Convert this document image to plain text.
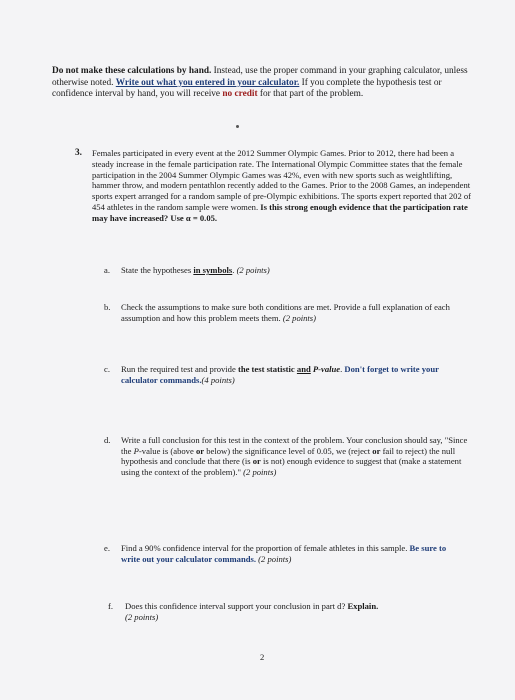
Do not make these calculations by hand. Instead, use the proper command in your graphing calculator, unless otherwise noted. Write out what you entered in your calculator. If you complete the hypothesis test or confidence interval by hand, you will receive no credit for that part of the problem.
3. Females participated in every event at the 2012 Summer Olympic Games. Prior to 2012, there had been a steady increase in the female participation rate. The International Olympic Committee states that the female participation in the 2004 Summer Olympic Games was 42%, even with new sports such as weightlifting, hammer throw, and modern pentathlon recently added to the Games. Prior to the 2008 Games, an independent sports expert arranged for a random sample of pre-Olympic exhibitions. The sports expert reported that 202 of 454 athletes in the random sample were women. Is this strong enough evidence that the participation rate may have increased? Use α = 0.05.
a. State the hypotheses in symbols. (2 points)
b. Check the assumptions to make sure both conditions are met. Provide a full explanation of each assumption and how this problem meets them. (2 points)
c. Run the required test and provide the test statistic and P-value. Don't forget to write your calculator commands.(4 points)
d. Write a full conclusion for this test in the context of the problem. Your conclusion should say, "Since the P-value is (above or below) the significance level of 0.05, we (reject or fail to reject) the null hypothesis and conclude that there (is or is not) enough evidence to suggest that (make a statement using the context of the problem)." (2 points)
e. Find a 90% confidence interval for the proportion of female athletes in this sample. Be sure to write out your calculator commands. (2 points)
f. Does this confidence interval support your conclusion in part d? Explain.
(2 points)
2
